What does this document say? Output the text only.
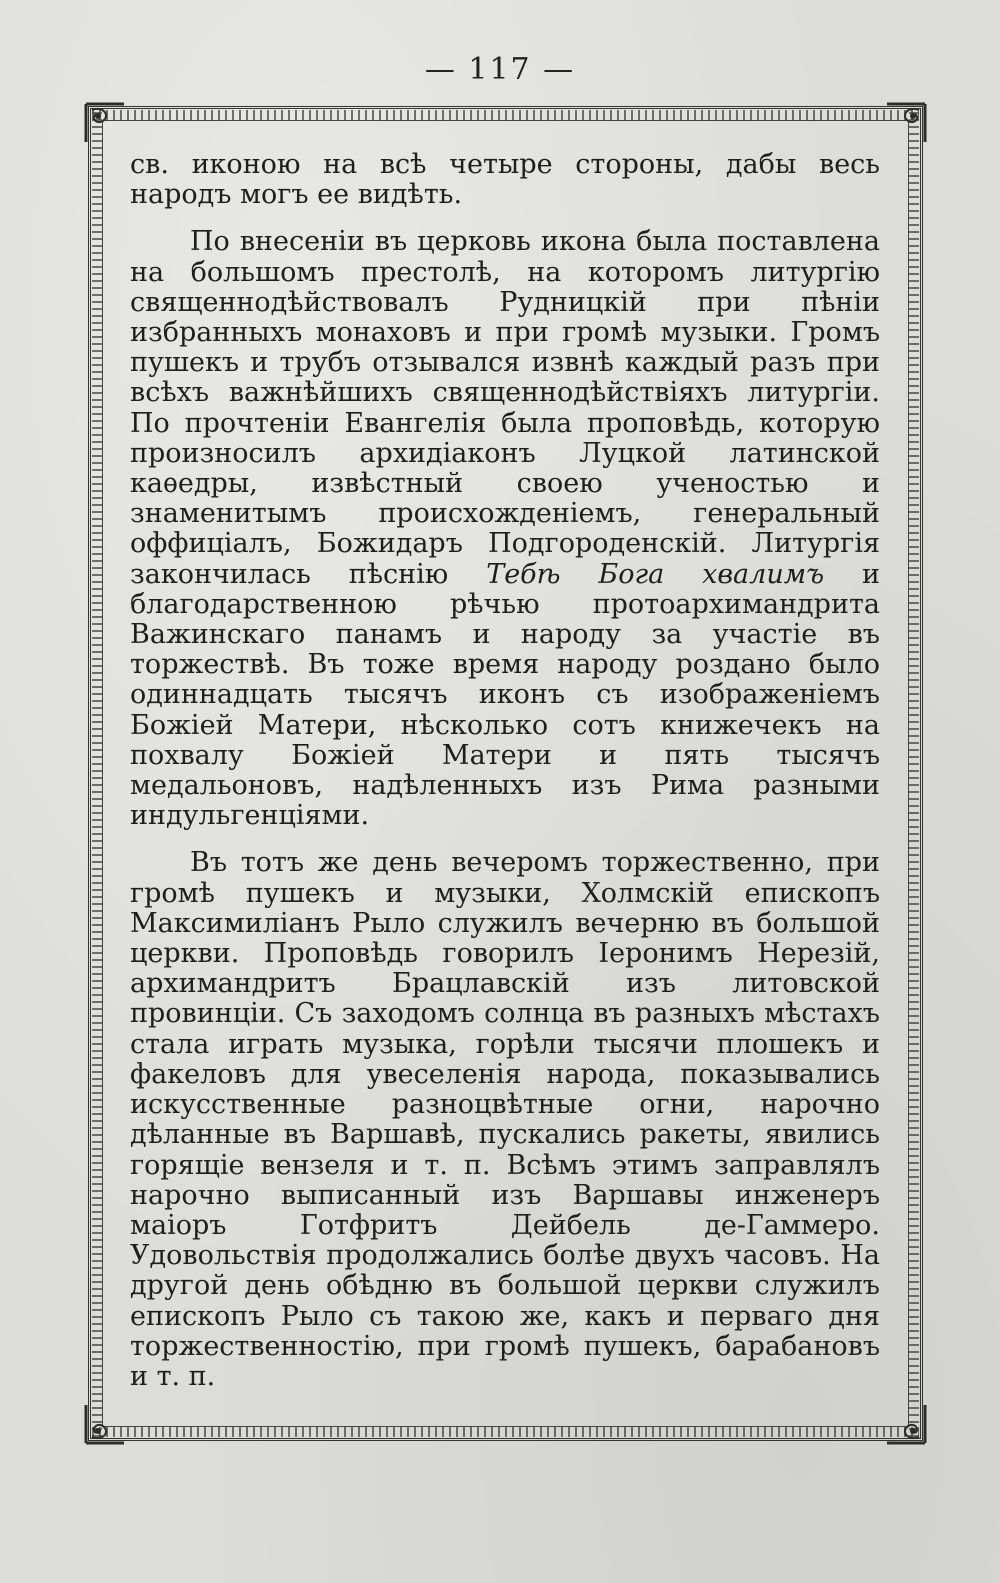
— 117 —

св. иконою на всѣ четыре стороны, дабы весь народъ могъ ее видѣть.

По внесеніи въ церковь икона была поставлена на большомъ престолѣ, на которомъ литургію священнодѣйствовалъ Рудницкій при пѣніи избранныхъ монаховъ и при громѣ музыки. Громъ пушекъ и трубъ отзывался извнѣ каждый разъ при всѣхъ важнѣйшихъ священнодѣйствіяхъ литургіи. По прочтеніи Евангелія была проповѣдь, которую произносилъ архидіаконъ Луцкой латинской каѳедры, извѣстный своею ученостью и знаменитымъ происхожденіемъ, генеральный оффиціалъ, Божидаръ Подгороденскій. Литургія закончилась пѣснію Тебѣ Бога хвалимъ и благодарственною рѣчью протоархимандрита Важинскаго панамъ и народу за участіе въ торжествѣ. Въ тоже время народу роздано было одиннадцать тысячъ иконъ съ изображеніемъ Божіей Матери, нѣсколько сотъ книжечекъ на похвалу Божіей Матери и пять тысячъ медальоновъ, надѣленныхъ изъ Рима разными индульгенціями.

Въ тотъ же день вечеромъ торжественно, при громѣ пушекъ и музыки, Холмскій епископъ Максимиліанъ Рыло служилъ вечерню въ большой церкви. Проповѣдь говорилъ Іеронимъ Нерезій, архимандритъ Брацлавскій изъ литовской провинціи. Съ заходомъ солнца въ разныхъ мѣстахъ стала играть музыка, горѣли тысячи плошекъ и факеловъ для увеселенія народа, показывались искусственные разноцвѣтные огни, нарочно дѣланные въ Варшавѣ, пускались ракеты, явились горящіе вензеля и т. п. Всѣмъ этимъ заправлялъ нарочно выписанный изъ Варшавы инженеръ маіоръ Готфритъ Дейбель де-Гаммеро. Удовольствія продолжались болѣе двухъ часовъ. На другой день обѣдню въ большой церкви служилъ епископъ Рыло съ такою же, какъ и перваго дня торжественностію, при громѣ пушекъ, барабановъ и т. п.
